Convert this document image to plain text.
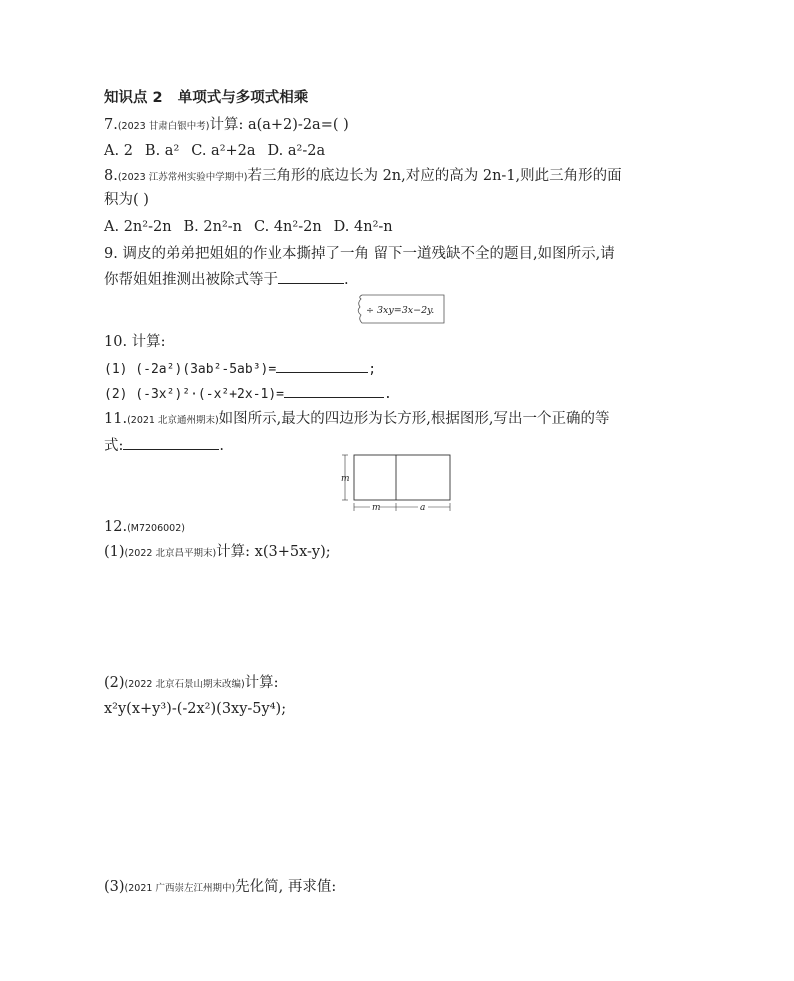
知识点 2 单项式与多项式相乘
7.(2023 甘肃白银中考)计算: a(a+2)-2a=( )
A. 2 B. a² C. a²+2a D. a²-2a
8.(2023 江苏常州实验中学期中)若三角形的底边长为 2n,对应的高为 2n-1,则此三角形的面
积为( )
A. 2n²-2n B. 2n²-n C. 4n²-2n D. 4n²-n
9. 调皮的弟弟把姐姐的作业本撕掉了一角 留下一道残缺不全的题目,如图所示,请
你帮姐姐推测出被除式等于	.
÷ 3xy=3x−2y.
10. 计算:
(1) (-2a²)(3ab²-5ab³)=	;
(2) (-3x²)²·(-x²+2x-1)=	.
11.(2021 北京通州期末)如图所示,最大的四边形为长方形,根据图形,写出一个正确的等
式:	.
m
m	a
12.(M7206002)
(1)(2022 北京昌平期末)计算: x(3+5x-y);
(2)(2022 北京石景山期末改编)计算:
x²y(x+y³)-(-2x²)(3xy-5y⁴);
(3)(2021 广西崇左江州期中)先化简, 再求值:
